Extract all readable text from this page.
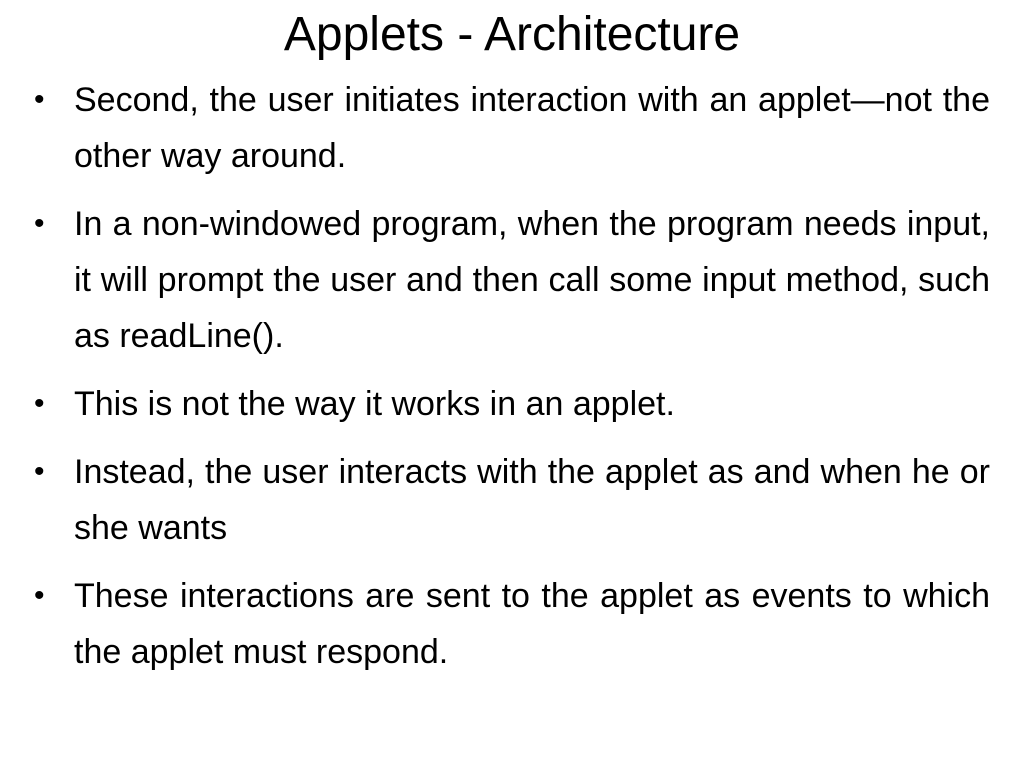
Applets - Architecture
• Second, the user initiates interaction with an applet—not the other way around.
• In a non-windowed program, when the program needs input, it will prompt the user and then call some input method, such as readLine().
• This is not the way it works in an applet.
• Instead, the user interacts with the applet as and when he or she wants
• These interactions are sent to the applet as events to which the applet must respond.
